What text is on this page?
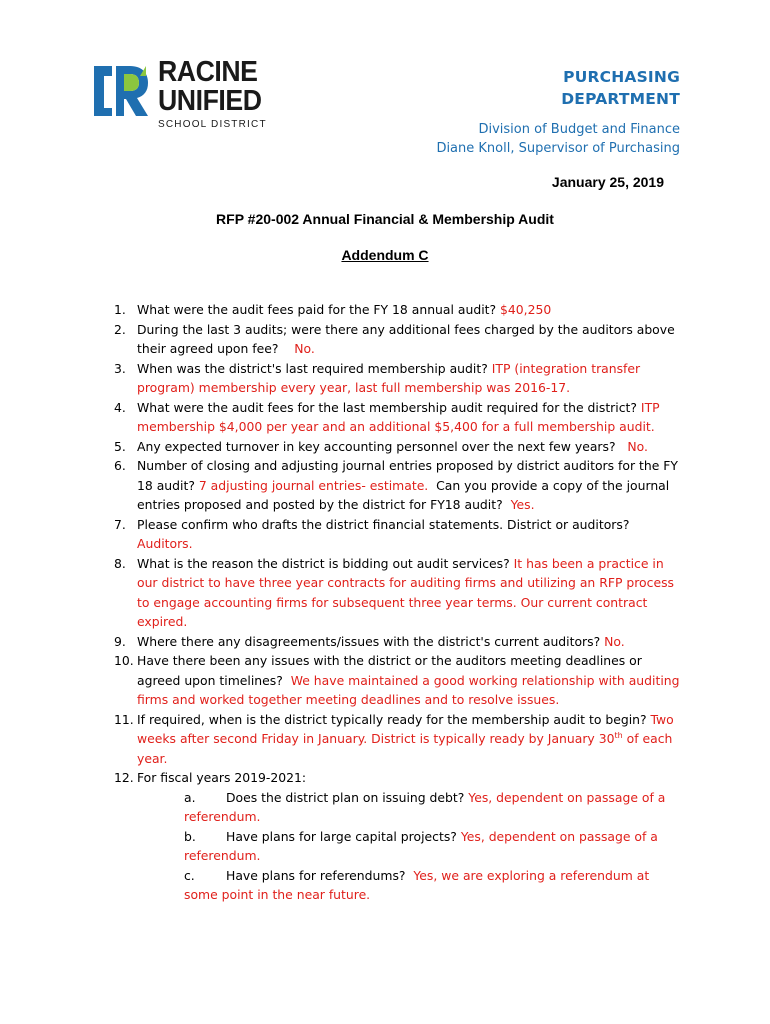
RACINE
UNIFIED
SCHOOL DISTRICT
PURCHASING
DEPARTMENT
Division of Budget and Finance
Diane Knoll, Supervisor of Purchasing
January 25, 2019
RFP #20-002 Annual Financial & Membership Audit
Addendum C
1. What were the audit fees paid for the FY 18 annual audit? $40,250
2. During the last 3 audits; were there any additional fees charged by the auditors above their agreed upon fee? No.
3. When was the district's last required membership audit? ITP (integration transfer program) membership every year, last full membership was 2016-17.
4. What were the audit fees for the last membership audit required for the district? ITP membership $4,000 per year and an additional $5,400 for a full membership audit.
5. Any expected turnover in key accounting personnel over the next few years? No.
6. Number of closing and adjusting journal entries proposed by district auditors for the FY 18 audit? 7 adjusting journal entries- estimate. Can you provide a copy of the journal entries proposed and posted by the district for FY18 audit? Yes.
7. Please confirm who drafts the district financial statements. District or auditors? Auditors.
8. What is the reason the district is bidding out audit services? It has been a practice in our district to have three year contracts for auditing firms and utilizing an RFP process to engage accounting firms for subsequent three year terms. Our current contract expired.
9. Where there any disagreements/issues with the district's current auditors? No.
10. Have there been any issues with the district or the auditors meeting deadlines or agreed upon timelines? We have maintained a good working relationship with auditing firms and worked together meeting deadlines and to resolve issues.
11. If required, when is the district typically ready for the membership audit to begin? Two weeks after second Friday in January. District is typically ready by January 30th of each year.
12. For fiscal years 2019-2021:
a.	Does the district plan on issuing debt? Yes, dependent on passage of a referendum.
b.	Have plans for large capital projects? Yes, dependent on passage of a referendum.
c.	Have plans for referendums? Yes, we are exploring a referendum at some point in the near future.
